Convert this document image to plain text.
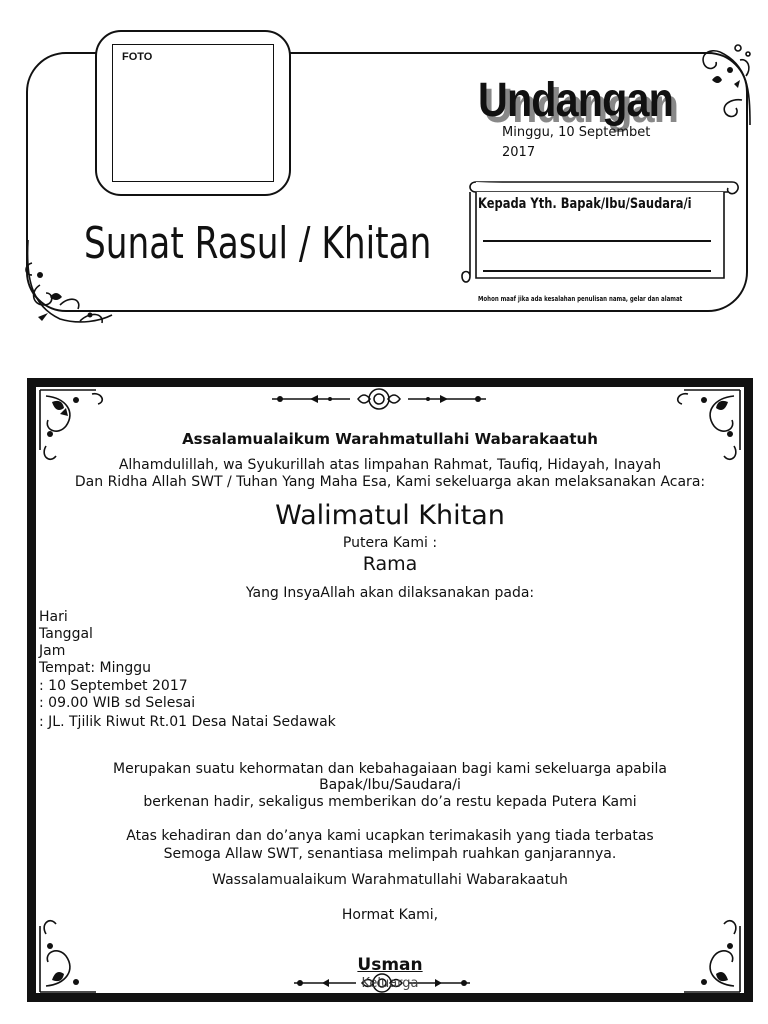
FOTO
Undangan
Minggu, 10 Septembet 2017
Sunat Rasul / Khitan
Kepada Yth. Bapak/Ibu/Saudara/i
Mohon maaf jika ada kesalahan penulisan nama, gelar dan alamat
Assalamualaikum Warahmatullahi Wabarakaatuh
Alhamdulillah, wa Syukurillah atas limpahan Rahmat, Taufiq, Hidayah, Inayah
Dan Ridha Allah SWT / Tuhan Yang Maha Esa, Kami sekeluarga akan melaksanakan Acara:
Walimatul Khitan
Putera Kami :
Rama
Yang InsyaAllah akan dilaksanakan pada:
Hari
Tanggal
Jam
Tempat: Minggu
: 10 Septembet 2017
: 09.00 WIB sd Selesai
: JL. Tjilik Riwut Rt.01 Desa Natai Sedawak
Merupakan suatu kehormatan dan kebahagaiaan bagi kami sekeluarga apabila
Bapak/Ibu/Saudara/i
berkenan hadir, sekaligus memberikan do’a restu kepada Putera Kami
Atas kehadiran dan do’anya kami ucapkan terimakasih yang tiada terbatas
Semoga Allaw SWT, senantiasa melimpah ruahkan ganjarannya.
Wassalamualaikum Warahmatullahi Wabarakaatuh
Hormat Kami,
Usman
Keluarga
